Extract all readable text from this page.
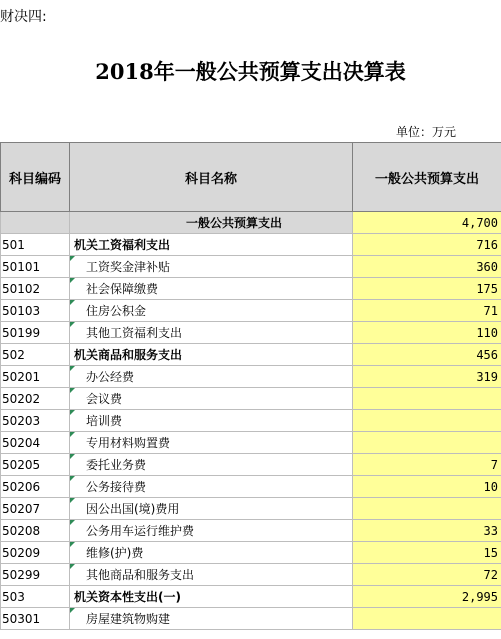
财决四:
2018年一般公共预算支出决算表
单位：万元
科目编码	科目名称	一般公共预算支出
	一般公共预算支出	4,700
501	机关工资福利支出	716
50101	工资奖金津补贴	360
50102	社会保障缴费	175
50103	住房公积金	71
50199	其他工资福利支出	110
502	机关商品和服务支出	456
50201	办公经费	319
50202	会议费	
50203	培训费	
50204	专用材料购置费	
50205	委托业务费	7
50206	公务接待费	10
50207	因公出国(境)费用	
50208	公务用车运行维护费	33
50209	维修(护)费	15
50299	其他商品和服务支出	72
503	机关资本性支出(一)	2,995
50301	房屋建筑物购建	
